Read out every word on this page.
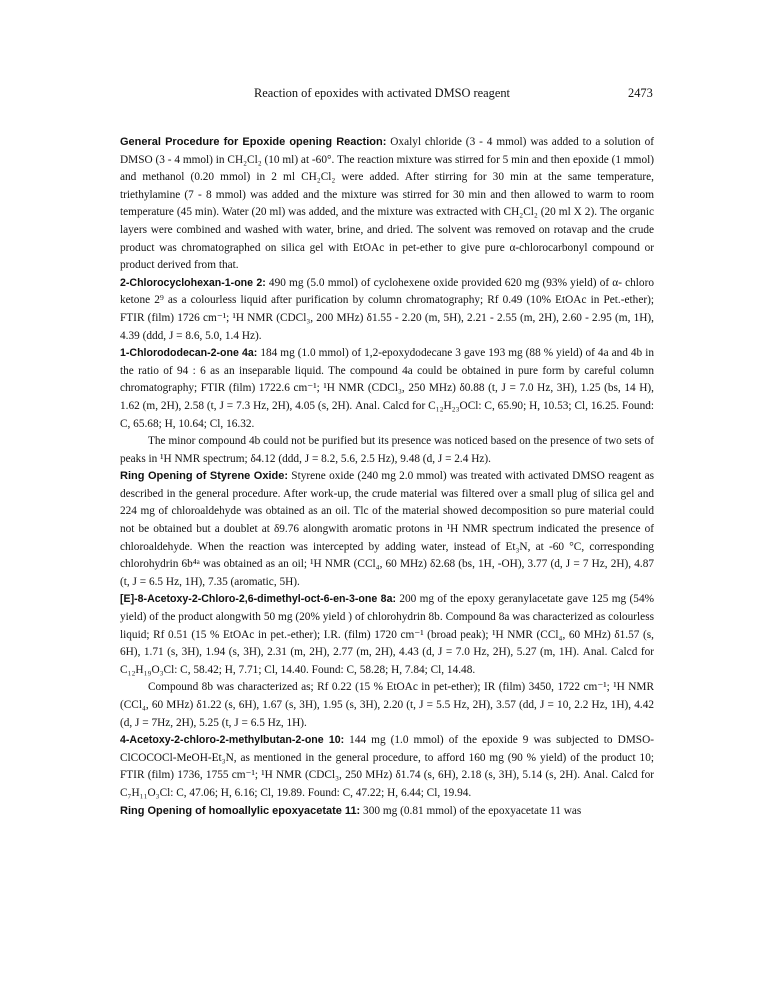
Reaction of epoxides with activated DMSO reagent	2473

General Procedure for Epoxide opening Reaction: Oxalyl chloride (3 - 4 mmol) was added to a solution of DMSO (3 - 4 mmol) in CH₂Cl₂ (10 ml) at -60°. The reaction mixture was stirred for 5 min and then epoxide (1 mmol) and methanol (0.20 mmol) in 2 ml CH₂Cl₂ were added. After stirring for 30 min at the same temperature, triethylamine (7 - 8 mmol) was added and the mixture was stirred for 30 min and then allowed to warm to room temperature (45 min). Water (20 ml) was added, and the mixture was extracted with CH₂Cl₂ (20 ml X 2). The organic layers were combined and washed with water, brine, and dried. The solvent was removed on rotavap and the crude product was chromatographed on silica gel with EtOAc in pet-ether to give pure α-chlorocarbonyl compound or product derived from that.

2-Chlorocyclohexan-1-one 2: 490 mg (5.0 mmol) of cyclohexene oxide provided 620 mg (93% yield) of α- chloro ketone 2⁹ as a colourless liquid after purification by column chromatography; Rf 0.49 (10% EtOAc in Pet.-ether); FTIR (film) 1726 cm⁻¹; ¹H NMR (CDCl₃, 200 MHz) δ1.55 - 2.20 (m, 5H), 2.21 - 2.55 (m, 2H), 2.60 - 2.95 (m, 1H), 4.39 (ddd, J = 8.6, 5.0, 1.4 Hz).

1-Chlorododecan-2-one 4a: 184 mg (1.0 mmol) of 1,2-epoxydodecane 3 gave 193 mg (88 % yield) of 4a and 4b in the ratio of 94 : 6 as an inseparable liquid. The compound 4a could be obtained in pure form by careful column chromatography; FTIR (film) 1722.6 cm⁻¹; ¹H NMR (CDCl₃, 250 MHz) δ0.88 (t, J = 7.0 Hz, 3H), 1.25 (bs, 14 H), 1.62 (m, 2H), 2.58 (t, J = 7.3 Hz, 2H), 4.05 (s, 2H). Anal. Calcd for C₁₂H₂₃OCl: C, 65.90; H, 10.53; Cl, 16.25. Found: C, 65.68; H, 10.64; Cl, 16.32.

The minor compound 4b could not be purified but its presence was noticed based on the presence of two sets of peaks in ¹H NMR spectrum; δ4.12 (ddd, J = 8.2, 5.6, 2.5 Hz), 9.48 (d, J = 2.4 Hz).

Ring Opening of Styrene Oxide: Styrene oxide (240 mg 2.0 mmol) was treated with activated DMSO reagent as described in the general procedure. After work-up, the crude material was filtered over a small plug of silica gel and 224 mg of chloroaldehyde was obtained as an oil. Tlc of the material showed decomposition so pure material could not be obtained but a doublet at δ9.76 alongwith aromatic protons in ¹H NMR spectrum indicated the presence of chloroaldehyde. When the reaction was intercepted by adding water, instead of Et₃N, at -60 °C, corresponding chlorohydrin 6b⁴ᵃ was obtained as an oil; ¹H NMR (CCl₄, 60 MHz) δ2.68 (bs, 1H, -OH), 3.77 (d, J = 7 Hz, 2H), 4.87 (t, J = 6.5 Hz, 1H), 7.35 (aromatic, 5H).

[E]-8-Acetoxy-2-Chloro-2,6-dimethyl-oct-6-en-3-one 8a: 200 mg of the epoxy geranylacetate gave 125 mg (54% yield) of the product alongwith 50 mg (20% yield ) of chlorohydrin 8b. Compound 8a was characterized as colourless liquid; Rf 0.51 (15 % EtOAc in pet.-ether); I.R. (film) 1720 cm⁻¹ (broad peak); ¹H NMR (CCl₄, 60 MHz) δ1.57 (s, 6H), 1.71 (s, 3H), 1.94 (s, 3H), 2.31 (m, 2H), 2.77 (m, 2H), 4.43 (d, J = 7.0 Hz, 2H), 5.27 (m, 1H). Anal. Calcd for C₁₂H₁₉O₃Cl: C, 58.42; H, 7.71; Cl, 14.40. Found: C, 58.28; H, 7.84; Cl, 14.48.

Compound 8b was characterized as; Rf 0.22 (15 % EtOAc in pet-ether); IR (film) 3450, 1722 cm⁻¹; ¹H NMR (CCl₄, 60 MHz) δ1.22 (s, 6H), 1.67 (s, 3H), 1.95 (s, 3H), 2.20 (t, J = 5.5 Hz, 2H), 3.57 (dd, J = 10, 2.2 Hz, 1H), 4.42 (d, J = 7Hz, 2H), 5.25 (t, J = 6.5 Hz, 1H).

4-Acetoxy-2-chloro-2-methylbutan-2-one 10: 144 mg (1.0 mmol) of the epoxide 9 was subjected to DMSO-ClCOCOCl-MeOH-Et₃N, as mentioned in the general procedure, to afford 160 mg (90 % yield) of the product 10; FTIR (film) 1736, 1755 cm⁻¹; ¹H NMR (CDCl₃, 250 MHz) δ1.74 (s, 6H), 2.18 (s, 3H), 5.14 (s, 2H). Anal. Calcd for C₇H₁₁O₃Cl: C, 47.06; H, 6.16; Cl, 19.89. Found: C, 47.22; H, 6.44; Cl, 19.94.

Ring Opening of homoallylic epoxyacetate 11: 300 mg (0.81 mmol) of the epoxyacetate 11 was
